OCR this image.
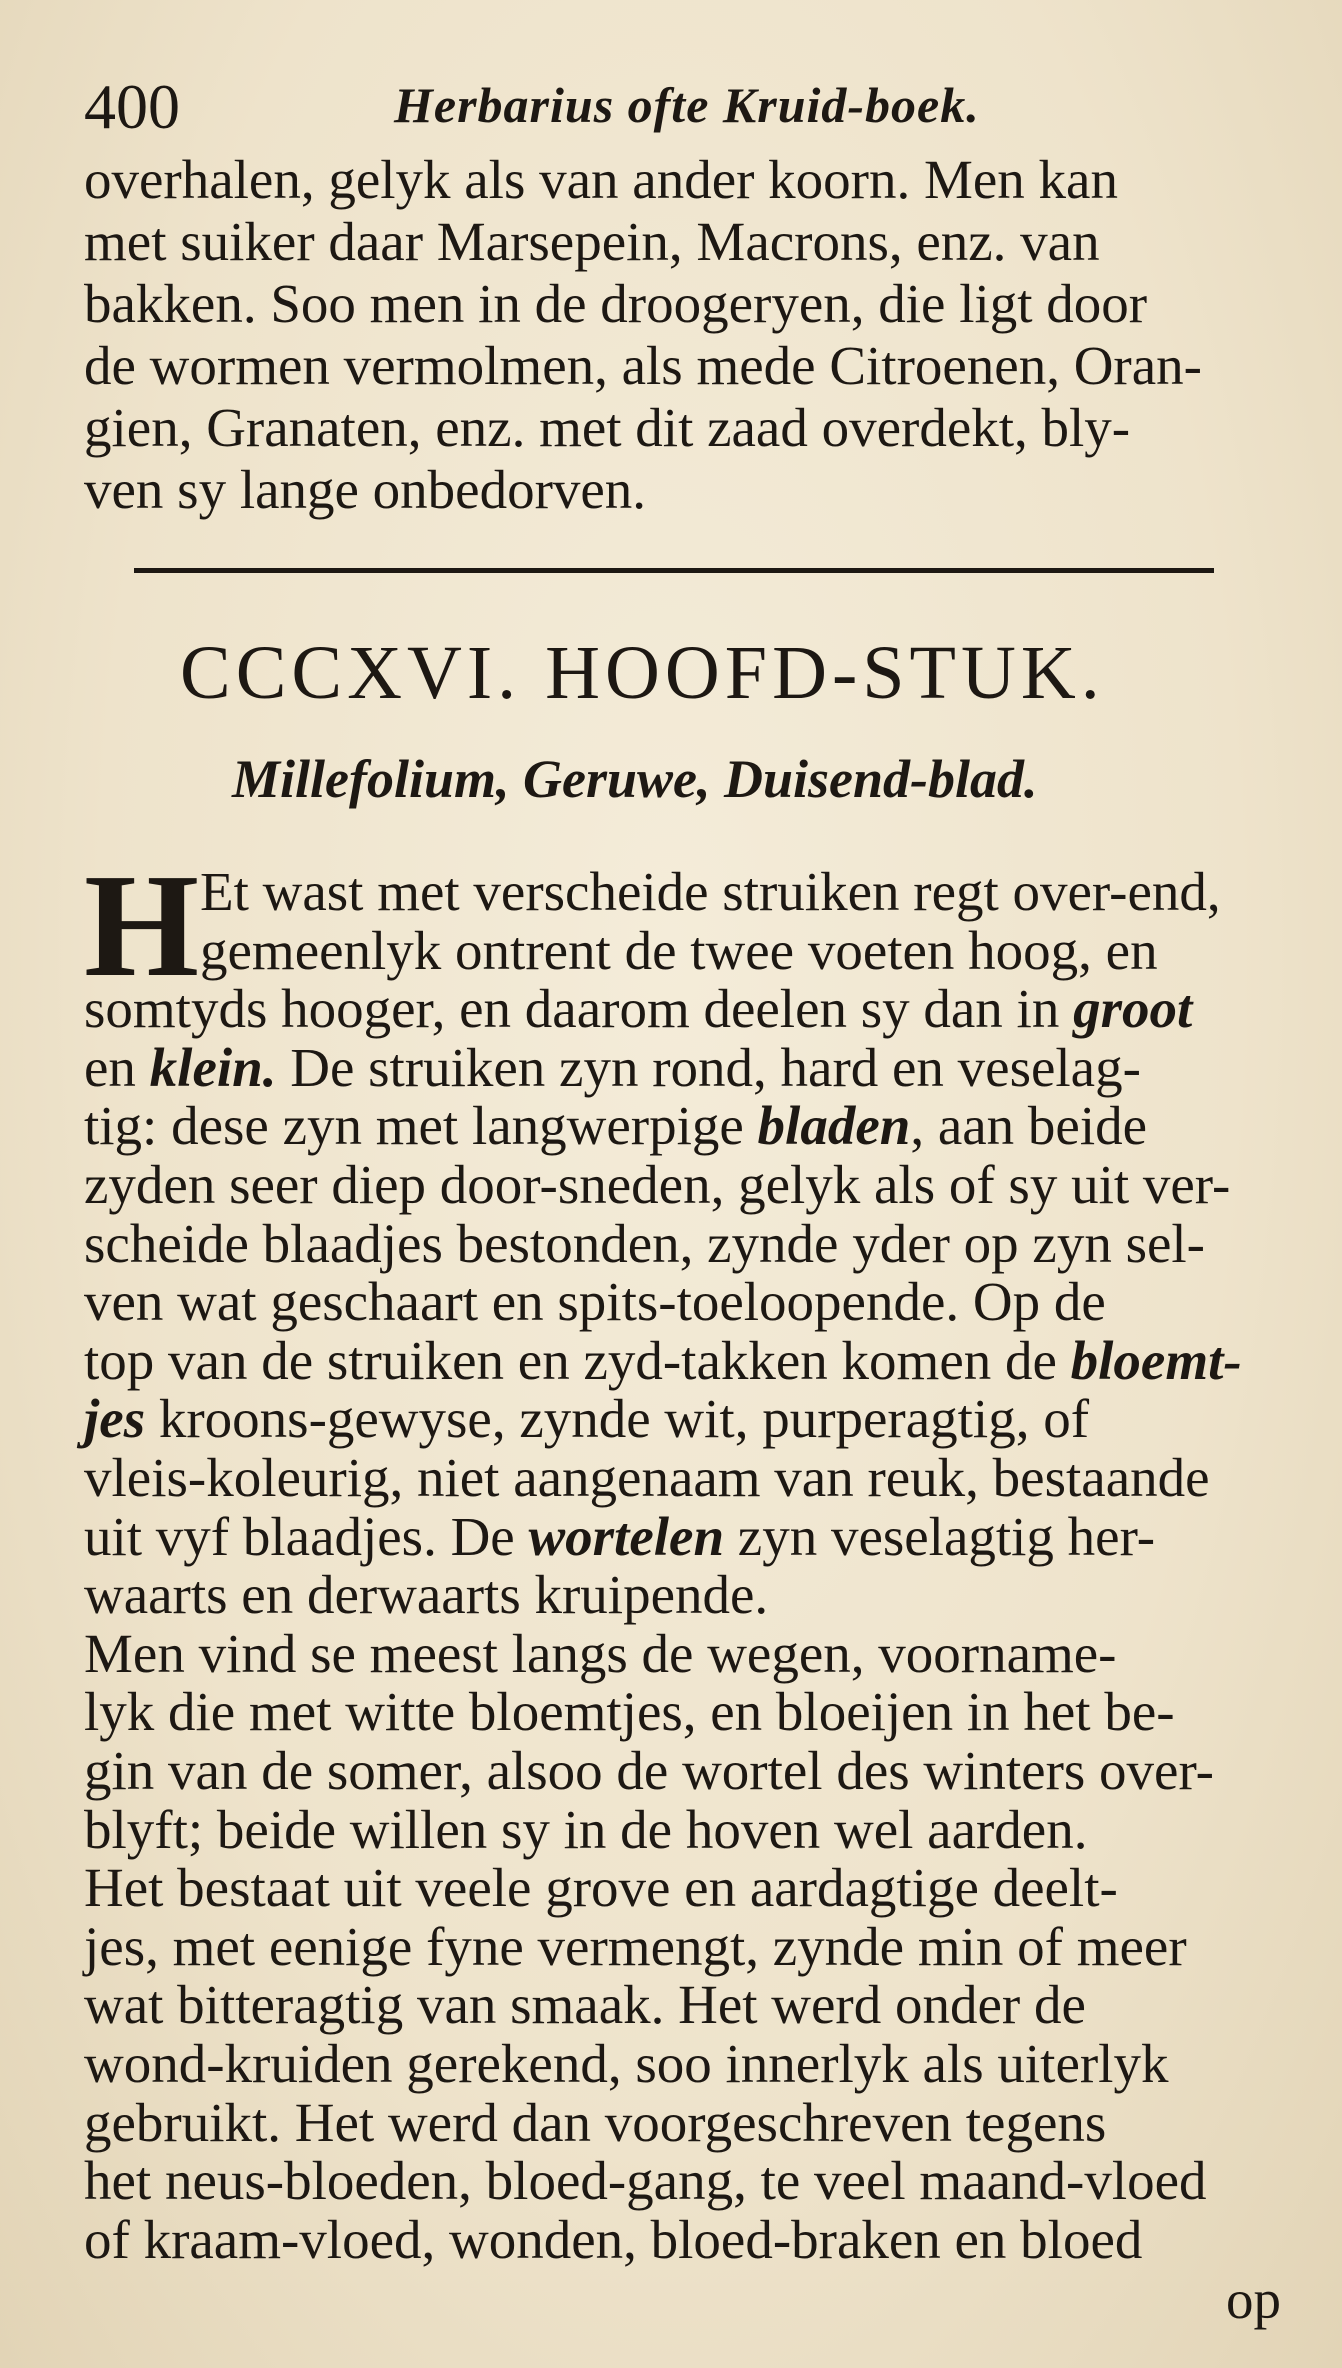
400	Herbarius ofte Kruid-boek.
overhalen, gelyk als van ander koorn. Men kan
met suiker daar Marsepein, Macrons, enz. van
bakken. Soo men in de droogeryen, die ligt door
de wormen vermolmen, als mede Citroenen, Oran-
gien, Granaten, enz. met dit zaad overdekt, bly-
ven sy lange onbedorven.
CCCXVI. HOOFD-STUK.
Millefolium, Geruwe, Duisend-blad.
H Et wast met verscheide struiken regt over-end,
gemeenlyk ontrent de twee voeten hoog, en
somtyds hooger, en daarom deelen sy dan in groot
en klein. De struiken zyn rond, hard en veselag-
tig: dese zyn met langwerpige bladen, aan beide
zyden seer diep door-sneden, gelyk als of sy uit ver-
scheide blaadjes bestonden, zynde yder op zyn sel-
ven wat geschaart en spits-toeloopende. Op de
top van de struiken en zyd-takken komen de bloemt-
jes kroons-gewyse, zynde wit, purperagtig, of
vleis-koleurig, niet aangenaam van reuk, bestaande
uit vyf blaadjes. De wortelen zyn veselagtig her-
waarts en derwaarts kruipende.
Men vind se meest langs de wegen, voorname-
lyk die met witte bloemtjes, en bloeijen in het be-
gin van de somer, alsoo de wortel des winters over-
blyft; beide willen sy in de hoven wel aarden.
Het bestaat uit veele grove en aardagtige deelt-
jes, met eenige fyne vermengt, zynde min of meer
wat bitteragtig van smaak. Het werd onder de
wond-kruiden gerekend, soo innerlyk als uiterlyk
gebruikt. Het werd dan voorgeschreven tegens
het neus-bloeden, bloed-gang, te veel maand-vloed
of kraam-vloed, wonden, bloed-braken en bloed
op
